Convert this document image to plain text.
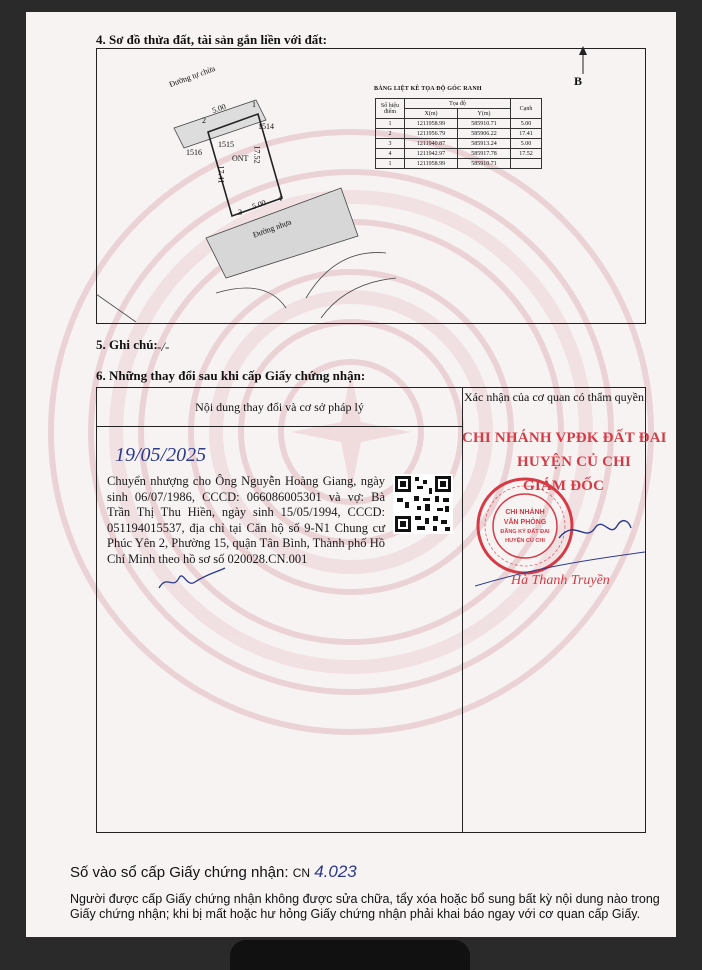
4. Sơ đồ thửa đất, tài sản gắn liền với đất:
Đường tự chừa
5.00
2
1
3
4
1515
ONT
1514
1516	17.52
17.41
5.00
Đường nhựa
BẢNG LIỆT KÊ TỌA ĐỘ GÓC RANH
Số hiệu điểm	Tọa độ		Cạnh
	X(m)	Y(m)	
1	1211958.99	585910.71	5.00
2	1211956.79	585906.22	17.41
3	1211940.87	585913.24	5.00
4	1211942.97	585917.78	17.52
1	1211958.99	585910.71	
B
5. Ghi chú: -/-
6. Những thay đổi sau khi cấp Giấy chứng nhận:
Nội dung thay đổi và cơ sở pháp lý
Xác nhận của cơ quan có thẩm quyền
19/05/2025
Chuyển nhượng cho Ông Nguyễn Hoàng Giang, ngày sinh 06/07/1986, CCCD: 066086005301 và vợ: Bà Trần Thị Thu Hiền, ngày sinh 15/05/1994, CCCD: 051194015537, địa chỉ tại Căn hộ số 9-N1 Chung cư Phúc Yên 2, Phường 15, quận Tân Bình, Thành phố Hồ Chí Minh theo hồ sơ số 020028.CN.001
CHI NHÁNH VPĐK ĐẤT ĐAI
HUYỆN CỦ CHI
GIÁM ĐỐC
CHI NHÁNH
VĂN PHÒNG
ĐĂNG KÝ ĐẤT ĐAI
HUYỆN CỦ CHI
Hà Thanh Truyền
Số vào sổ cấp Giấy chứng nhận: CN 4.023
Người được cấp Giấy chứng nhận không được sửa chữa, tẩy xóa hoặc bổ sung bất kỳ nội dung nào trong Giấy chứng nhận; khi bị mất hoặc hư hỏng Giấy chứng nhận phải khai báo ngay với cơ quan cấp Giấy.
